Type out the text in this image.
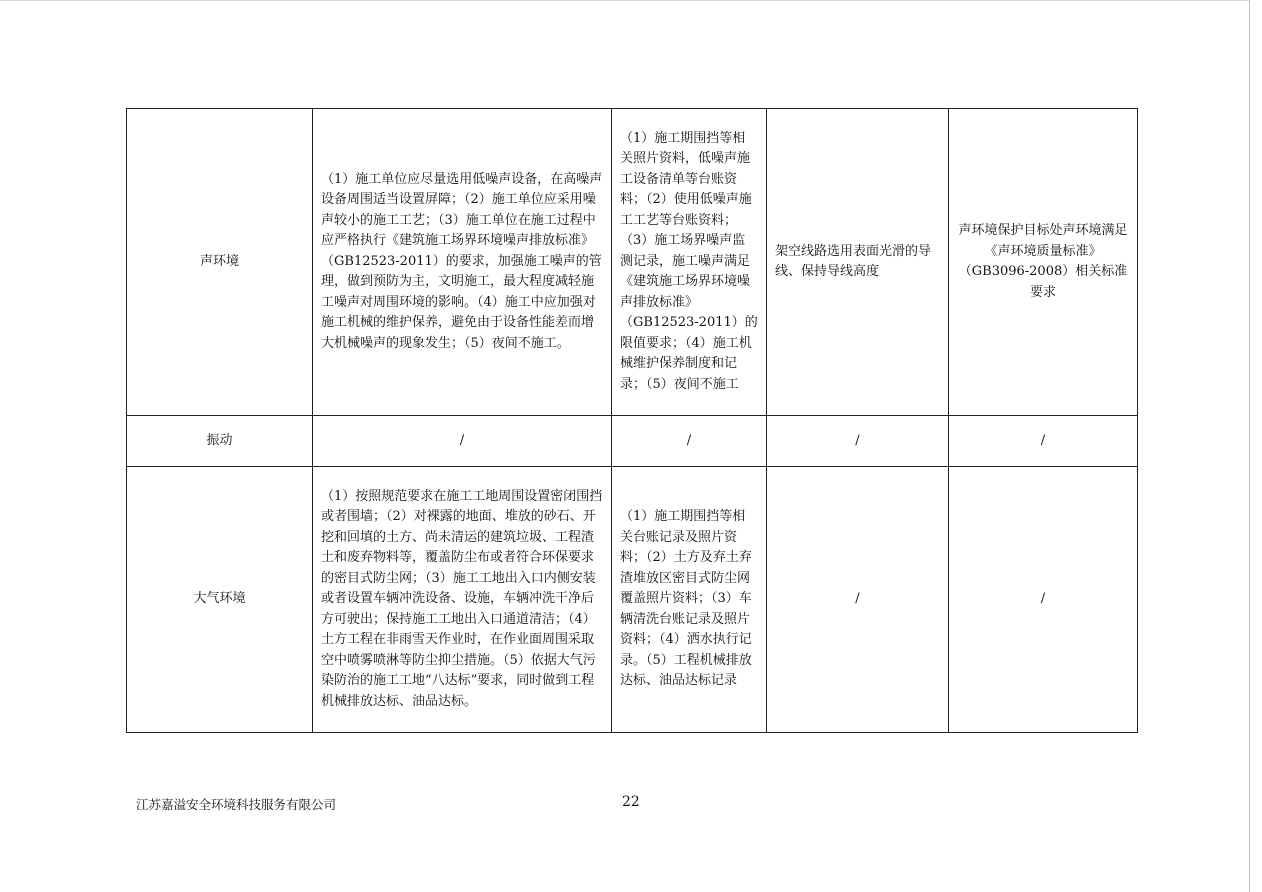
声环境	（1）施工单位应尽量选用低噪声设备，在高噪声设备周围适当设置屏障；（2）施工单位应采用噪声较小的施工工艺；（3）施工单位在施工过程中应严格执行《建筑施工场界环境噪声排放标准》（GB12523-2011）的要求，加强施工噪声的管理，做到预防为主，文明施工，最大程度减轻施工噪声对周围环境的影响。（4）施工中应加强对施工机械的维护保养，避免由于设备性能差而增大机械噪声的现象发生；（5）夜间不施工。	（1）施工期围挡等相关照片资料，低噪声施工设备清单等台账资料；（2）使用低噪声施工工艺等台账资料；（3）施工场界噪声监测记录，施工噪声满足《建筑施工场界环境噪声排放标准》（GB12523-2011）的限值要求；（4）施工机械维护保养制度和记录；（5）夜间不施工	架空线路选用表面光滑的导线、保持导线高度	声环境保护目标处声环境满足《声环境质量标准》（GB3096-2008）相关标准要求
振动	/	/	/	/
大气环境	（1）按照规范要求在施工工地周围设置密闭围挡或者围墙；（2）对裸露的地面、堆放的砂石、开挖和回填的土方、尚未清运的建筑垃圾、工程渣土和废弃物料等，覆盖防尘布或者符合环保要求的密目式防尘网；（3）施工工地出入口内侧安装或者设置车辆冲洗设备、设施，车辆冲洗干净后方可驶出；保持施工工地出入口通道清洁；（4）土方工程在非雨雪天作业时，在作业面周围采取空中喷雾喷淋等防尘抑尘措施。（5）依据大气污染防治的施工工地“八达标”要求，同时做到工程机械排放达标、油品达标。	（1）施工期围挡等相关台账记录及照片资料；（2）土方及弃土弃渣堆放区密目式防尘网覆盖照片资料；（3）车辆清洗台账记录及照片资料；（4）洒水执行记录。（5）工程机械排放达标、油品达标记录	/	/
江苏嘉溢安全环境科技服务有限公司	22
